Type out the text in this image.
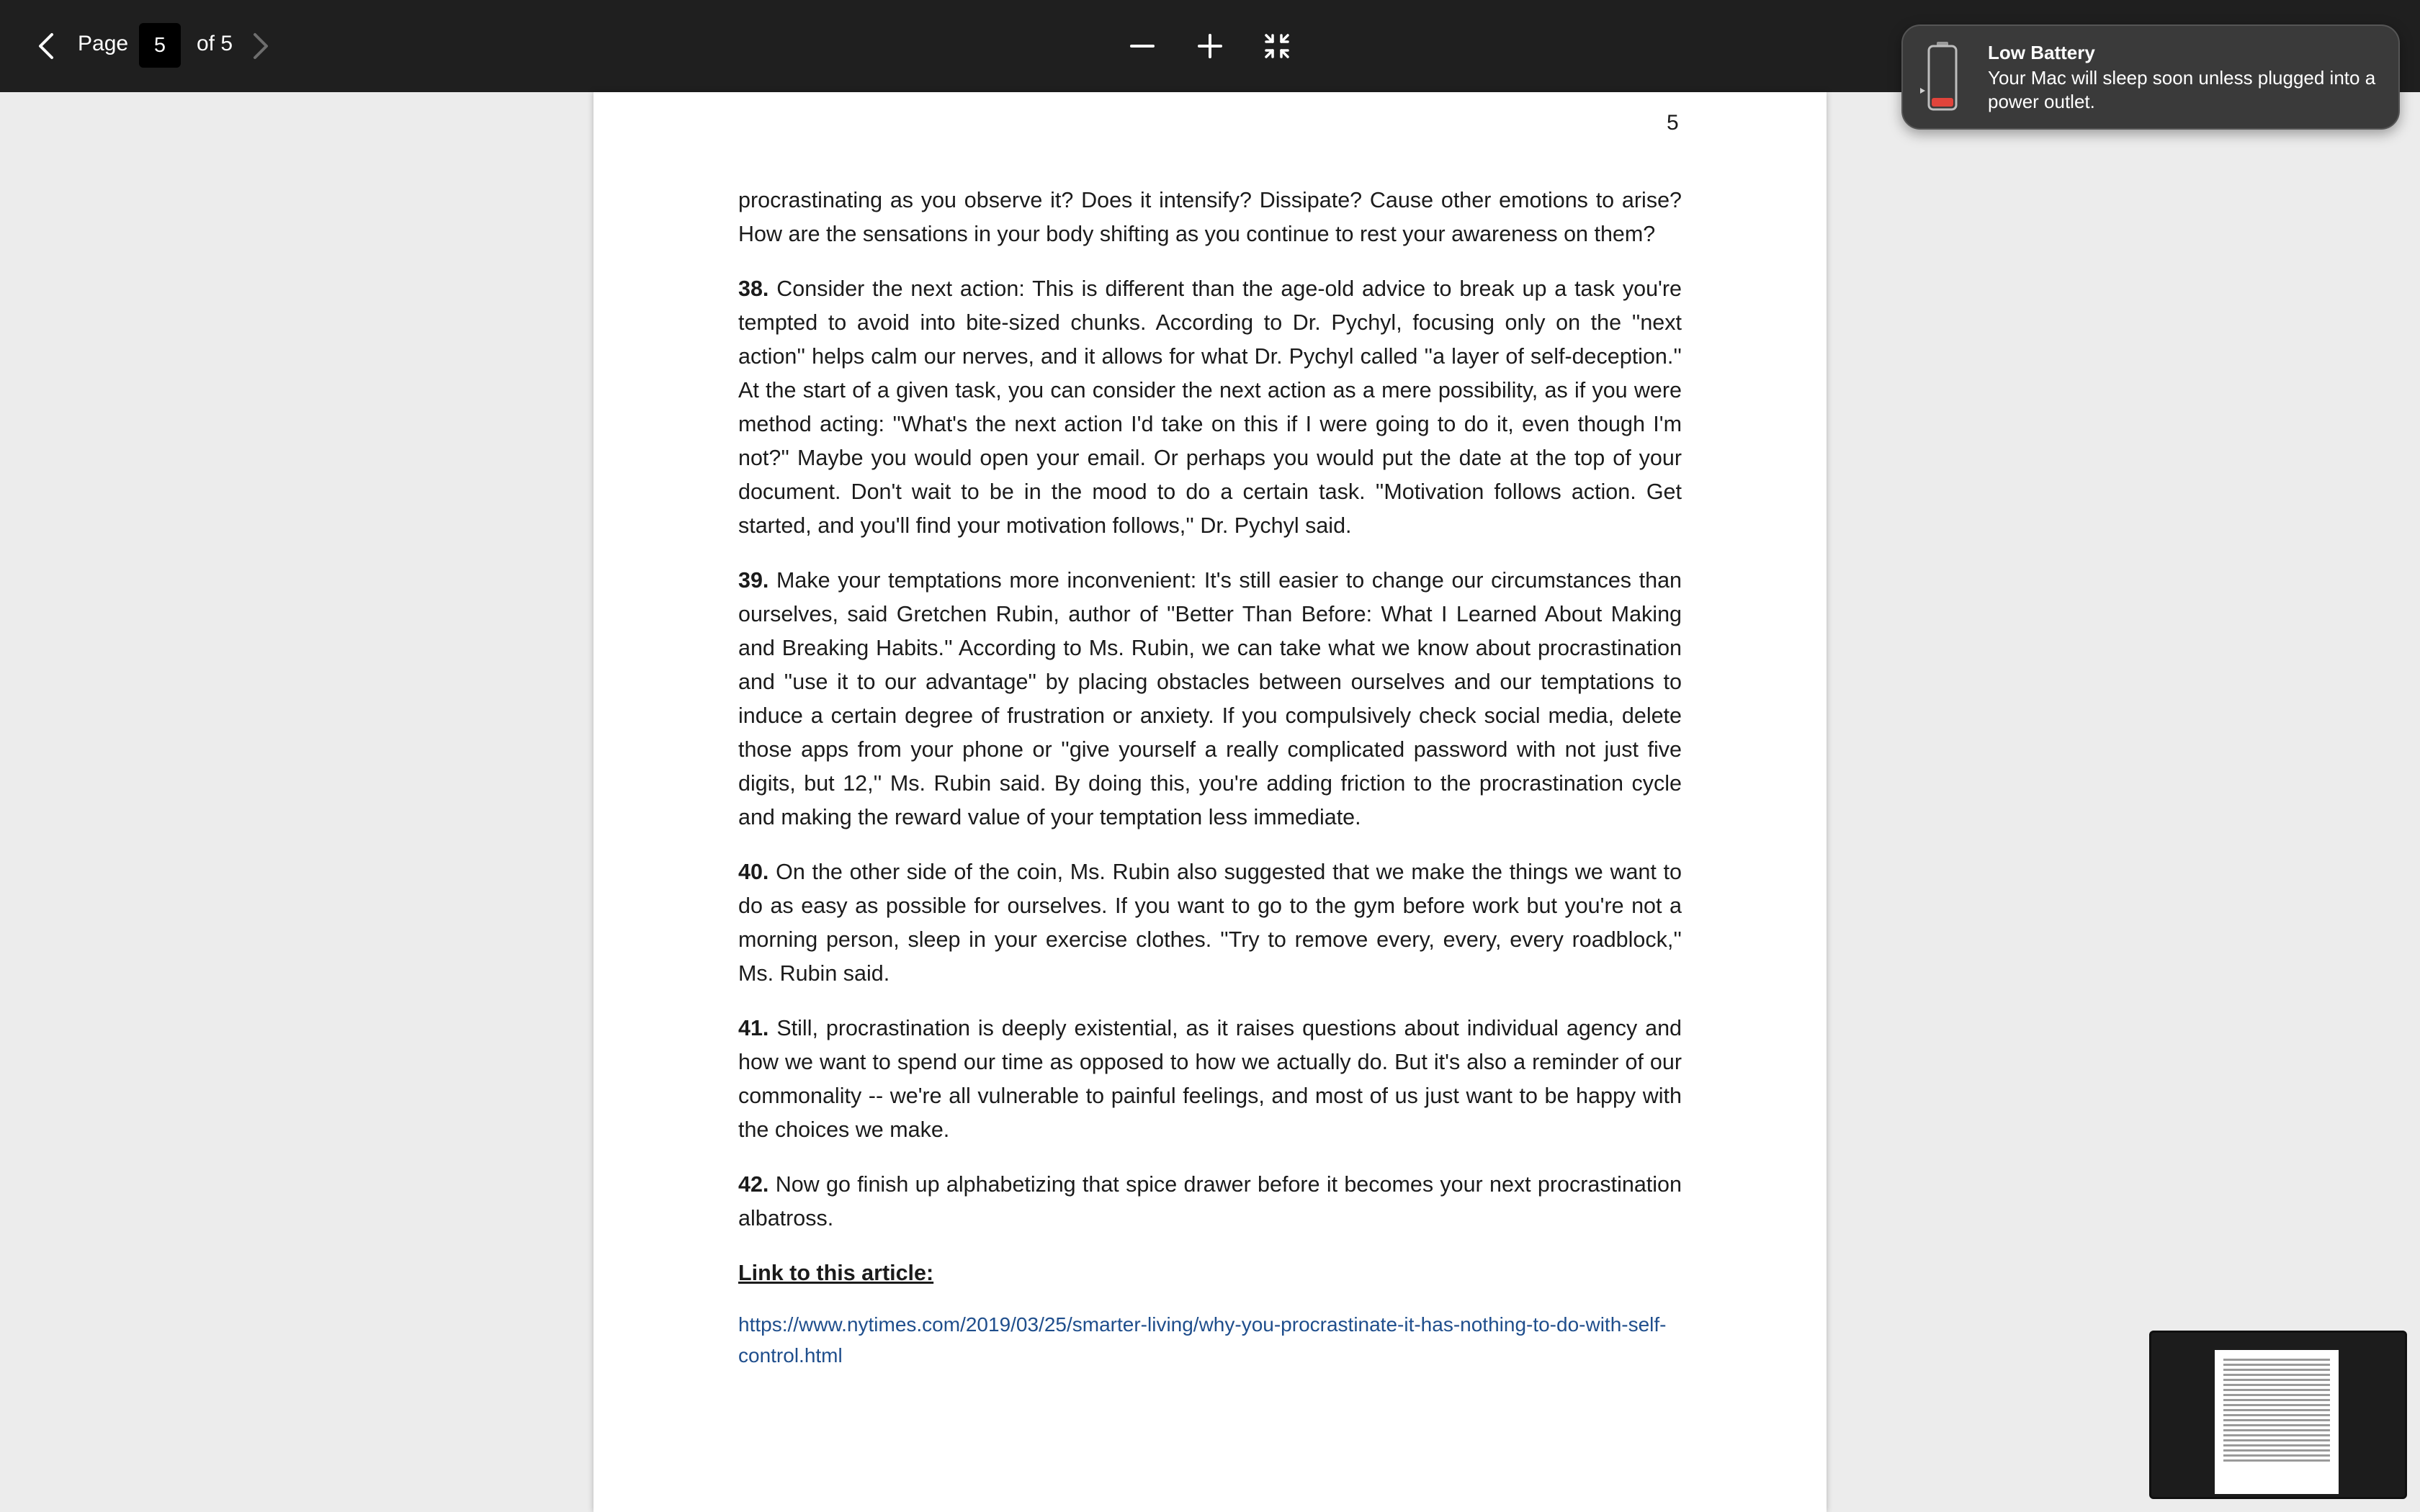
Page
5	of 5
5

procrastinating as you observe it? Does it intensify? Dissipate? Cause other emotions to arise? How are the sensations in your body shifting as you continue to rest your awareness on them?

38. Consider the next action: This is different than the age-old advice to break up a task you're tempted to avoid into bite-sized chunks. According to Dr. Pychyl, focusing only on the ''next action'' helps calm our nerves, and it allows for what Dr. Pychyl called ''a layer of self-deception.'' At the start of a given task, you can consider the next action as a mere possibility, as if you were method acting: ''What's the next action I'd take on this if I were going to do it, even though I'm not?'' Maybe you would open your email. Or perhaps you would put the date at the top of your document. Don't wait to be in the mood to do a certain task. ''Motivation follows action. Get started, and you'll find your motivation follows,'' Dr. Pychyl said.

39. Make your temptations more inconvenient: It's still easier to change our circumstances than ourselves, said Gretchen Rubin, author of ''Better Than Before: What I Learned About Making and Breaking Habits.'' According to Ms. Rubin, we can take what we know about procrastination and ''use it to our advantage'' by placing obstacles between ourselves and our temptations to induce a certain degree of frustration or anxiety. If you compulsively check social media, delete those apps from your phone or ''give yourself a really complicated password with not just five digits, but 12,'' Ms. Rubin said. By doing this, you're adding friction to the procrastination cycle and making the reward value of your temptation less immediate.

40. On the other side of the coin, Ms. Rubin also suggested that we make the things we want to do as easy as possible for ourselves. If you want to go to the gym before work but you're not a morning person, sleep in your exercise clothes. ''Try to remove every, every, every roadblock,'' Ms. Rubin said.

41. Still, procrastination is deeply existential, as it raises questions about individual agency and how we want to spend our time as opposed to how we actually do. But it's also a reminder of our commonality -- we're all vulnerable to painful feelings, and most of us just want to be happy with the choices we make.

42. Now go finish up alphabetizing that spice drawer before it becomes your next procrastination albatross.

Link to this article:

https://www.nytimes.com/2019/03/25/smarter-living/why-you-procrastinate-it-has-nothing-to-do-with-self-control.html

Low Battery
Your Mac will sleep soon unless plugged into a power outlet.
